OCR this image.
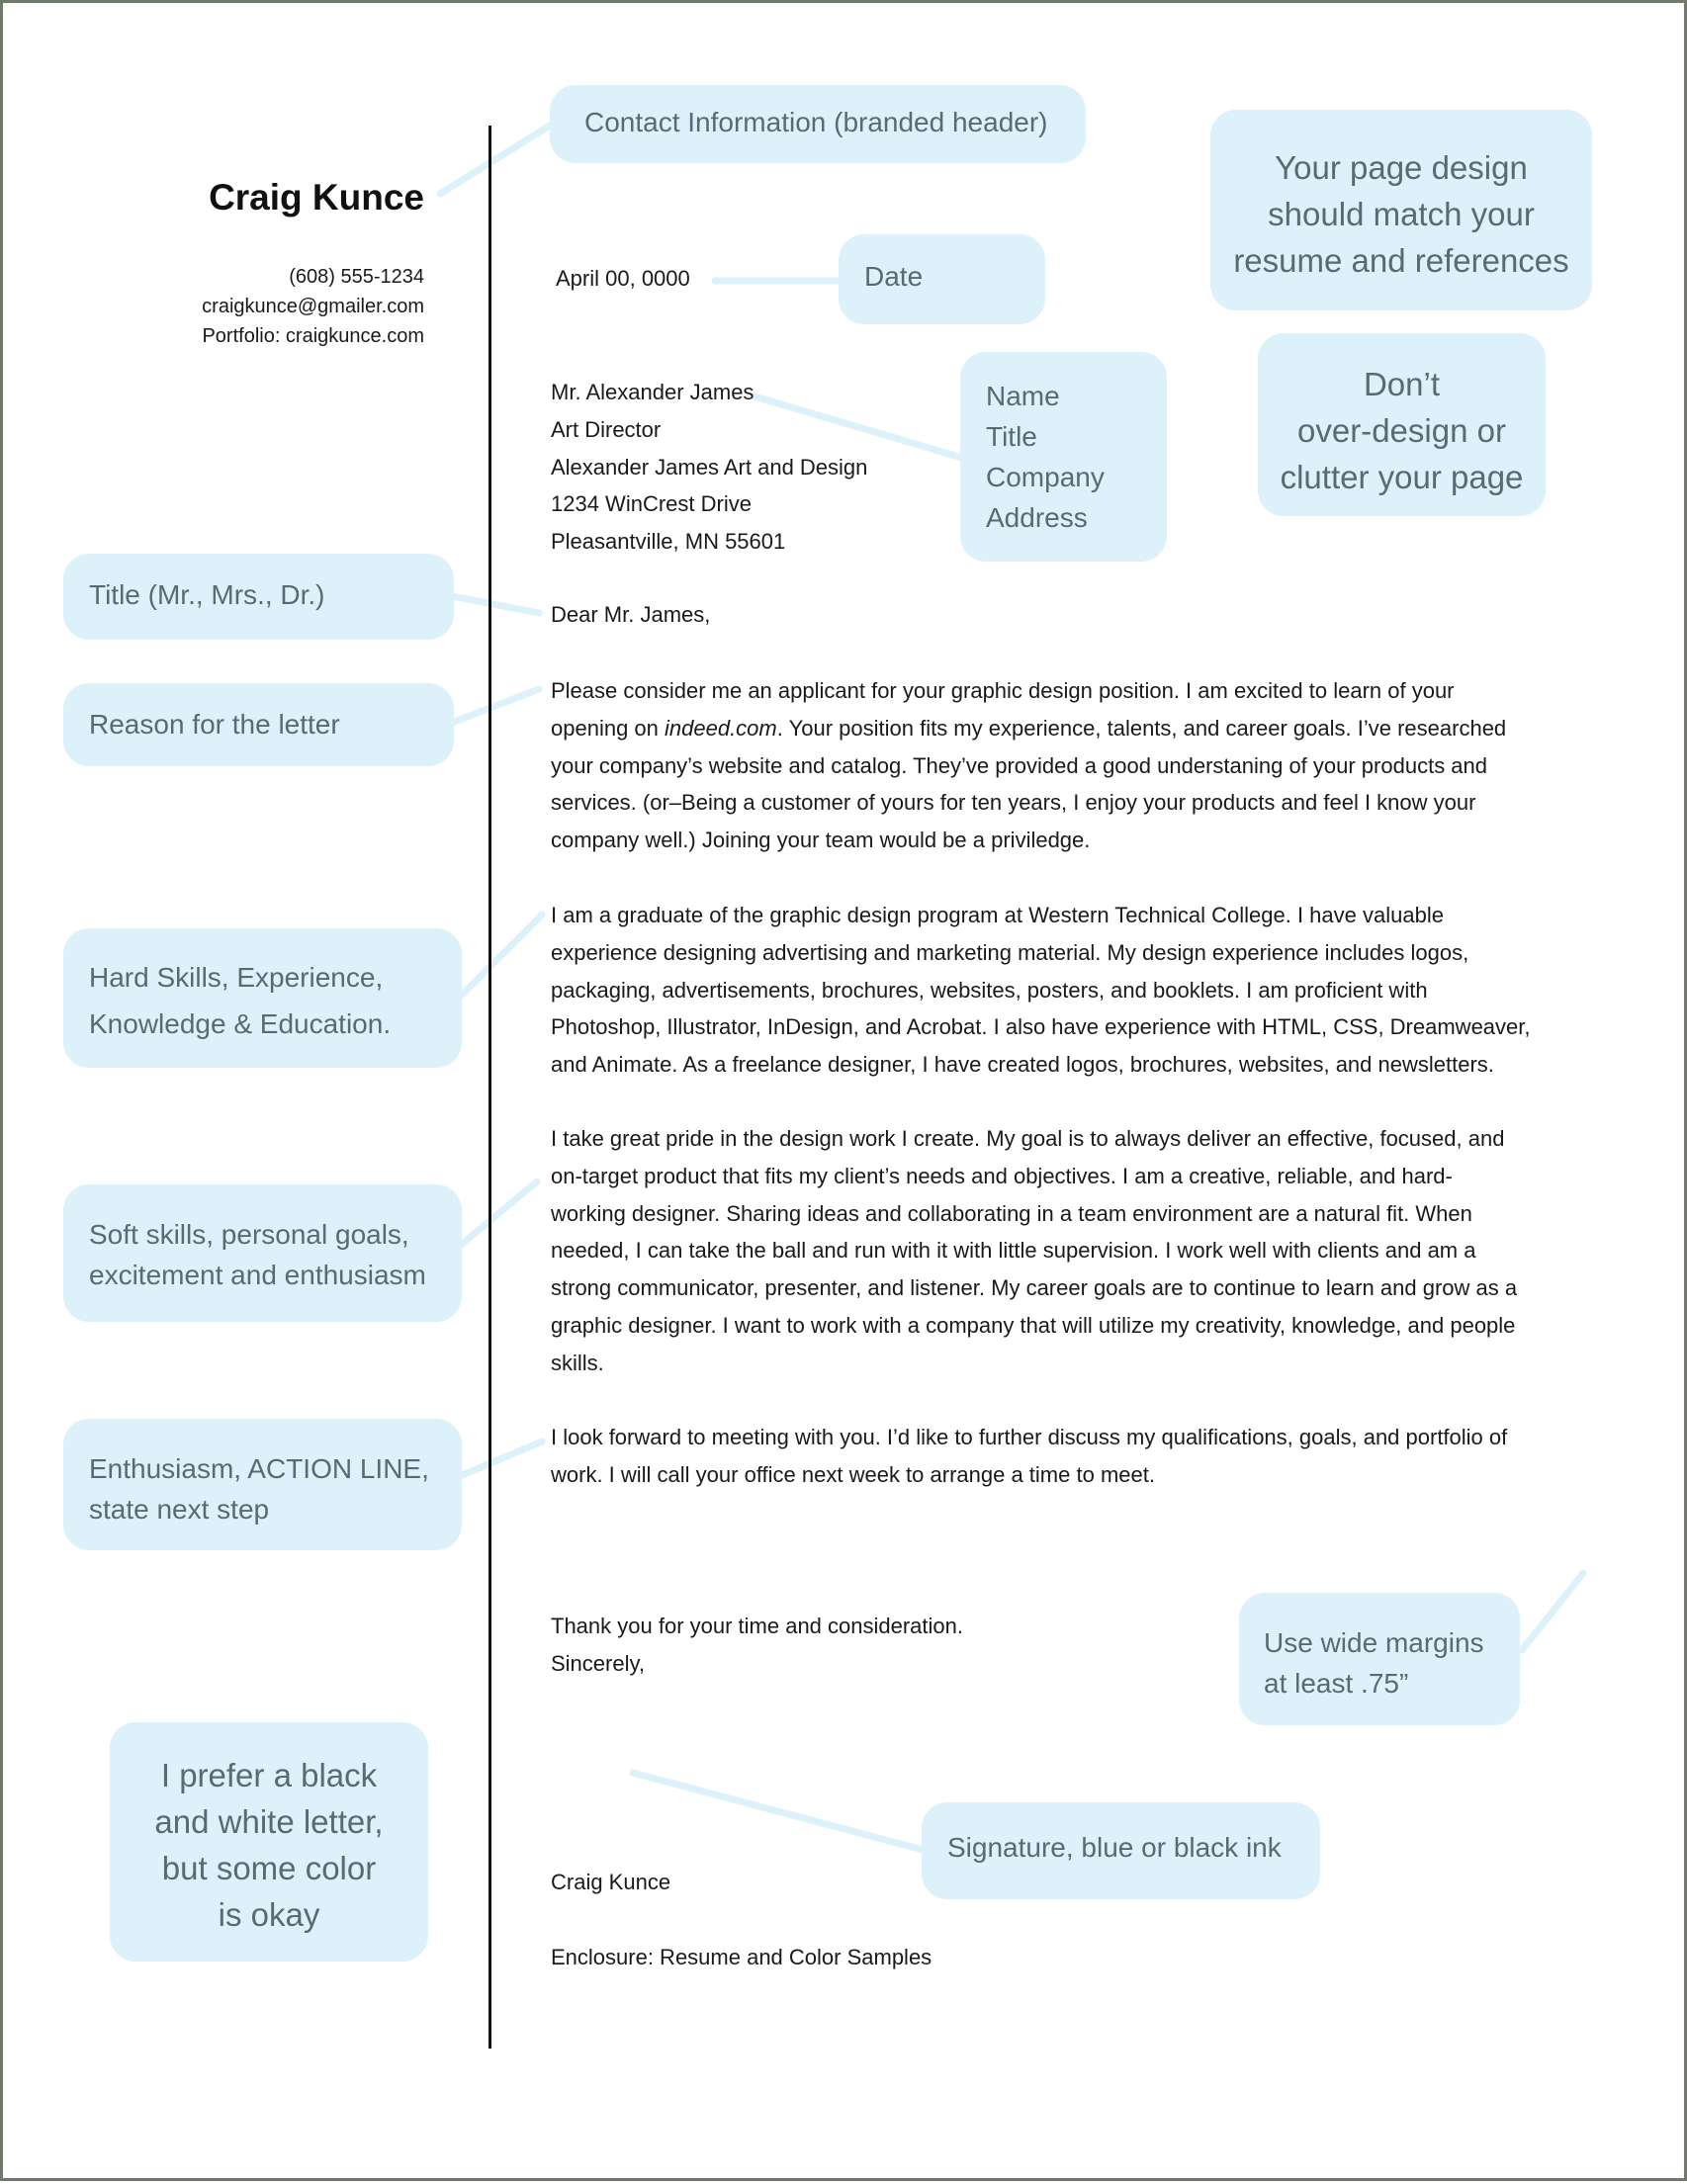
Craig Kunce
(608) 555-1234
craigkunce@gmailer.com
Portfolio: craigkunce.com
April 00, 0000
Mr. Alexander James
Art Director
Alexander James Art and Design
1234 WinCrest Drive
Pleasantville, MN 55601
Dear Mr. James,
Please consider me an applicant for your graphic design position. I am excited to learn of your
opening on indeed.com. Your position fits my experience, talents, and career goals. I’ve researched
your company’s website and catalog. They’ve provided a good understaning of your products and
services. (or–Being a customer of yours for ten years, I enjoy your products and feel I know your
company well.) Joining your team would be a priviledge.
I am a graduate of the graphic design program at Western Technical College. I have valuable
experience designing advertising and marketing material. My design experience includes logos,
packaging, advertisements, brochures, websites, posters, and booklets. I am proficient with
Photoshop, Illustrator, InDesign, and Acrobat. I also have experience with HTML, CSS, Dreamweaver,
and Animate. As a freelance designer, I have created logos, brochures, websites, and newsletters.
I take great pride in the design work I create. My goal is to always deliver an effective, focused, and
on-target product that fits my client’s needs and objectives. I am a creative, reliable, and hard-
working designer. Sharing ideas and collaborating in a team environment are a natural fit. When
needed, I can take the ball and run with it with little supervision. I work well with clients and am a
strong communicator, presenter, and listener. My career goals are to continue to learn and grow as a
graphic designer. I want to work with a company that will utilize my creativity, knowledge, and people
skills.
I look forward to meeting with you. I’d like to further discuss my qualifications, goals, and portfolio of
work. I will call your office next week to arrange a time to meet.
Thank you for your time and consideration.
Sincerely,
Craig Kunce
Enclosure: Resume and Color Samples
Contact Information (branded header)
Your page design
should match your
resume and references
Date
Don’t
over-design or
clutter your page
Name
Title
Company
Address
Title (Mr., Mrs., Dr.)
Reason for the letter
Hard Skills, Experience,
Knowledge & Education.
Soft skills, personal goals,
excitement and enthusiasm
Enthusiasm, ACTION LINE,
state next step
Use wide margins
at least .75”
I prefer a black
and white letter,
but some color
is okay
Signature, blue or black ink
